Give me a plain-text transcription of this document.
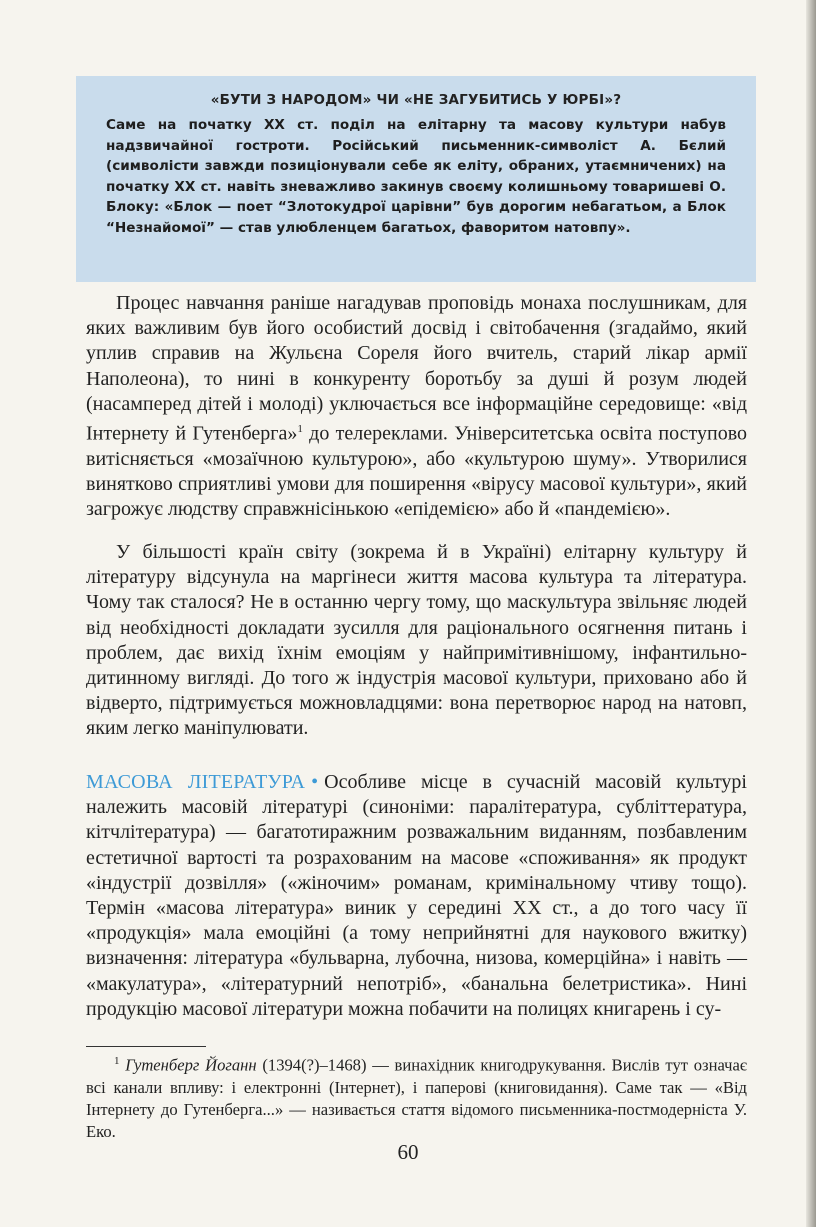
«БУТИ З НАРОДОМ» ЧИ «НЕ ЗАГУБИТИСЬ У ЮРБІ»?

Саме на початку ХХ ст. поділ на елітарну та масову культури набув надзвичайної гостроти. Російський письменник-символіст А. Бєлий (символісти завжди позиціонували себе як еліту, обраних, утаємничених) на початку ХХ ст. навіть зневажливо закинув своєму колишньому товаришеві О. Блоку: «Блок — поет “Злотокудрої царівни” був дорогим небагатьом, а Блок “Незнайомої” — став улюбленцем багатьох, фаворитом натовпу».

Процес навчання раніше нагадував проповідь монаха послушникам, для яких важливим був його особистий досвід і світобачення (згадаймо, який уплив справив на Жульєна Сореля його вчитель, старий лікар армії Наполеона), то нині в конкуренту боротьбу за душі й розум людей (насамперед дітей і молоді) уключається все інформаційне середовище: «від Інтернету й Гутенберга»$^1$ до телереклами. Університетська освіта поступово витісняється «мозаїчною культурою», або «культурою шуму». Утворилися винятково сприятливі умови для поширення «вірусу масової культури», який загрожує людству справжнісінькою «епідемією» або й «пандемією».

У більшості країн світу (зокрема й в Україні) елітарну культуру й літературу відсунула на маргінеси життя масова культура та література. Чому так сталося? Не в останню чергу тому, що маскультура звільняє людей від необхідності докладати зусилля для раціонального осягнення питань і проблем, дає вихід їхнім емоціям у найпримітивнішому, інфантильно-дитинному вигляді. До того ж індустрія масової культури, приховано або й відверто, підтримується можновладцями: вона перетворює народ на натовп, яким легко маніпулювати.

МАСОВА ЛІТЕРАТУРА • Особливе місце в сучасній масовій культурі належить масовій літературі (синоніми: паралітература, субліттература, кітчлітература) — багатотиражним розважальним виданням, позбавленим естетичної вартості та розрахованим на масове «споживання» як продукт «індустрії дозвілля» («жіночим» романам, кримінальному чтиву тощо). Термін «масова література» виник у середині ХХ ст., а до того часу її «продукція» мала емоційні (а тому неприйнятні для наукового вжитку) визначення: література «бульварна, лубочна, низова, комерційна» і навіть — «макулатура», «літературний непотріб», «банальна белетристика». Нині продукцію масової літератури можна побачити на полицях книгарень і су-

$^1$ Гутенберг Йоганн (1394(?)–1468) — винахідник книгодрукування. Вислів тут означає всі канали впливу: і електронні (Інтернет), і паперові (книговидання). Саме так — «Від Інтернету до Гутенберга...» — називається стаття відомого письменника-постмодерніста У. Еко.

60
